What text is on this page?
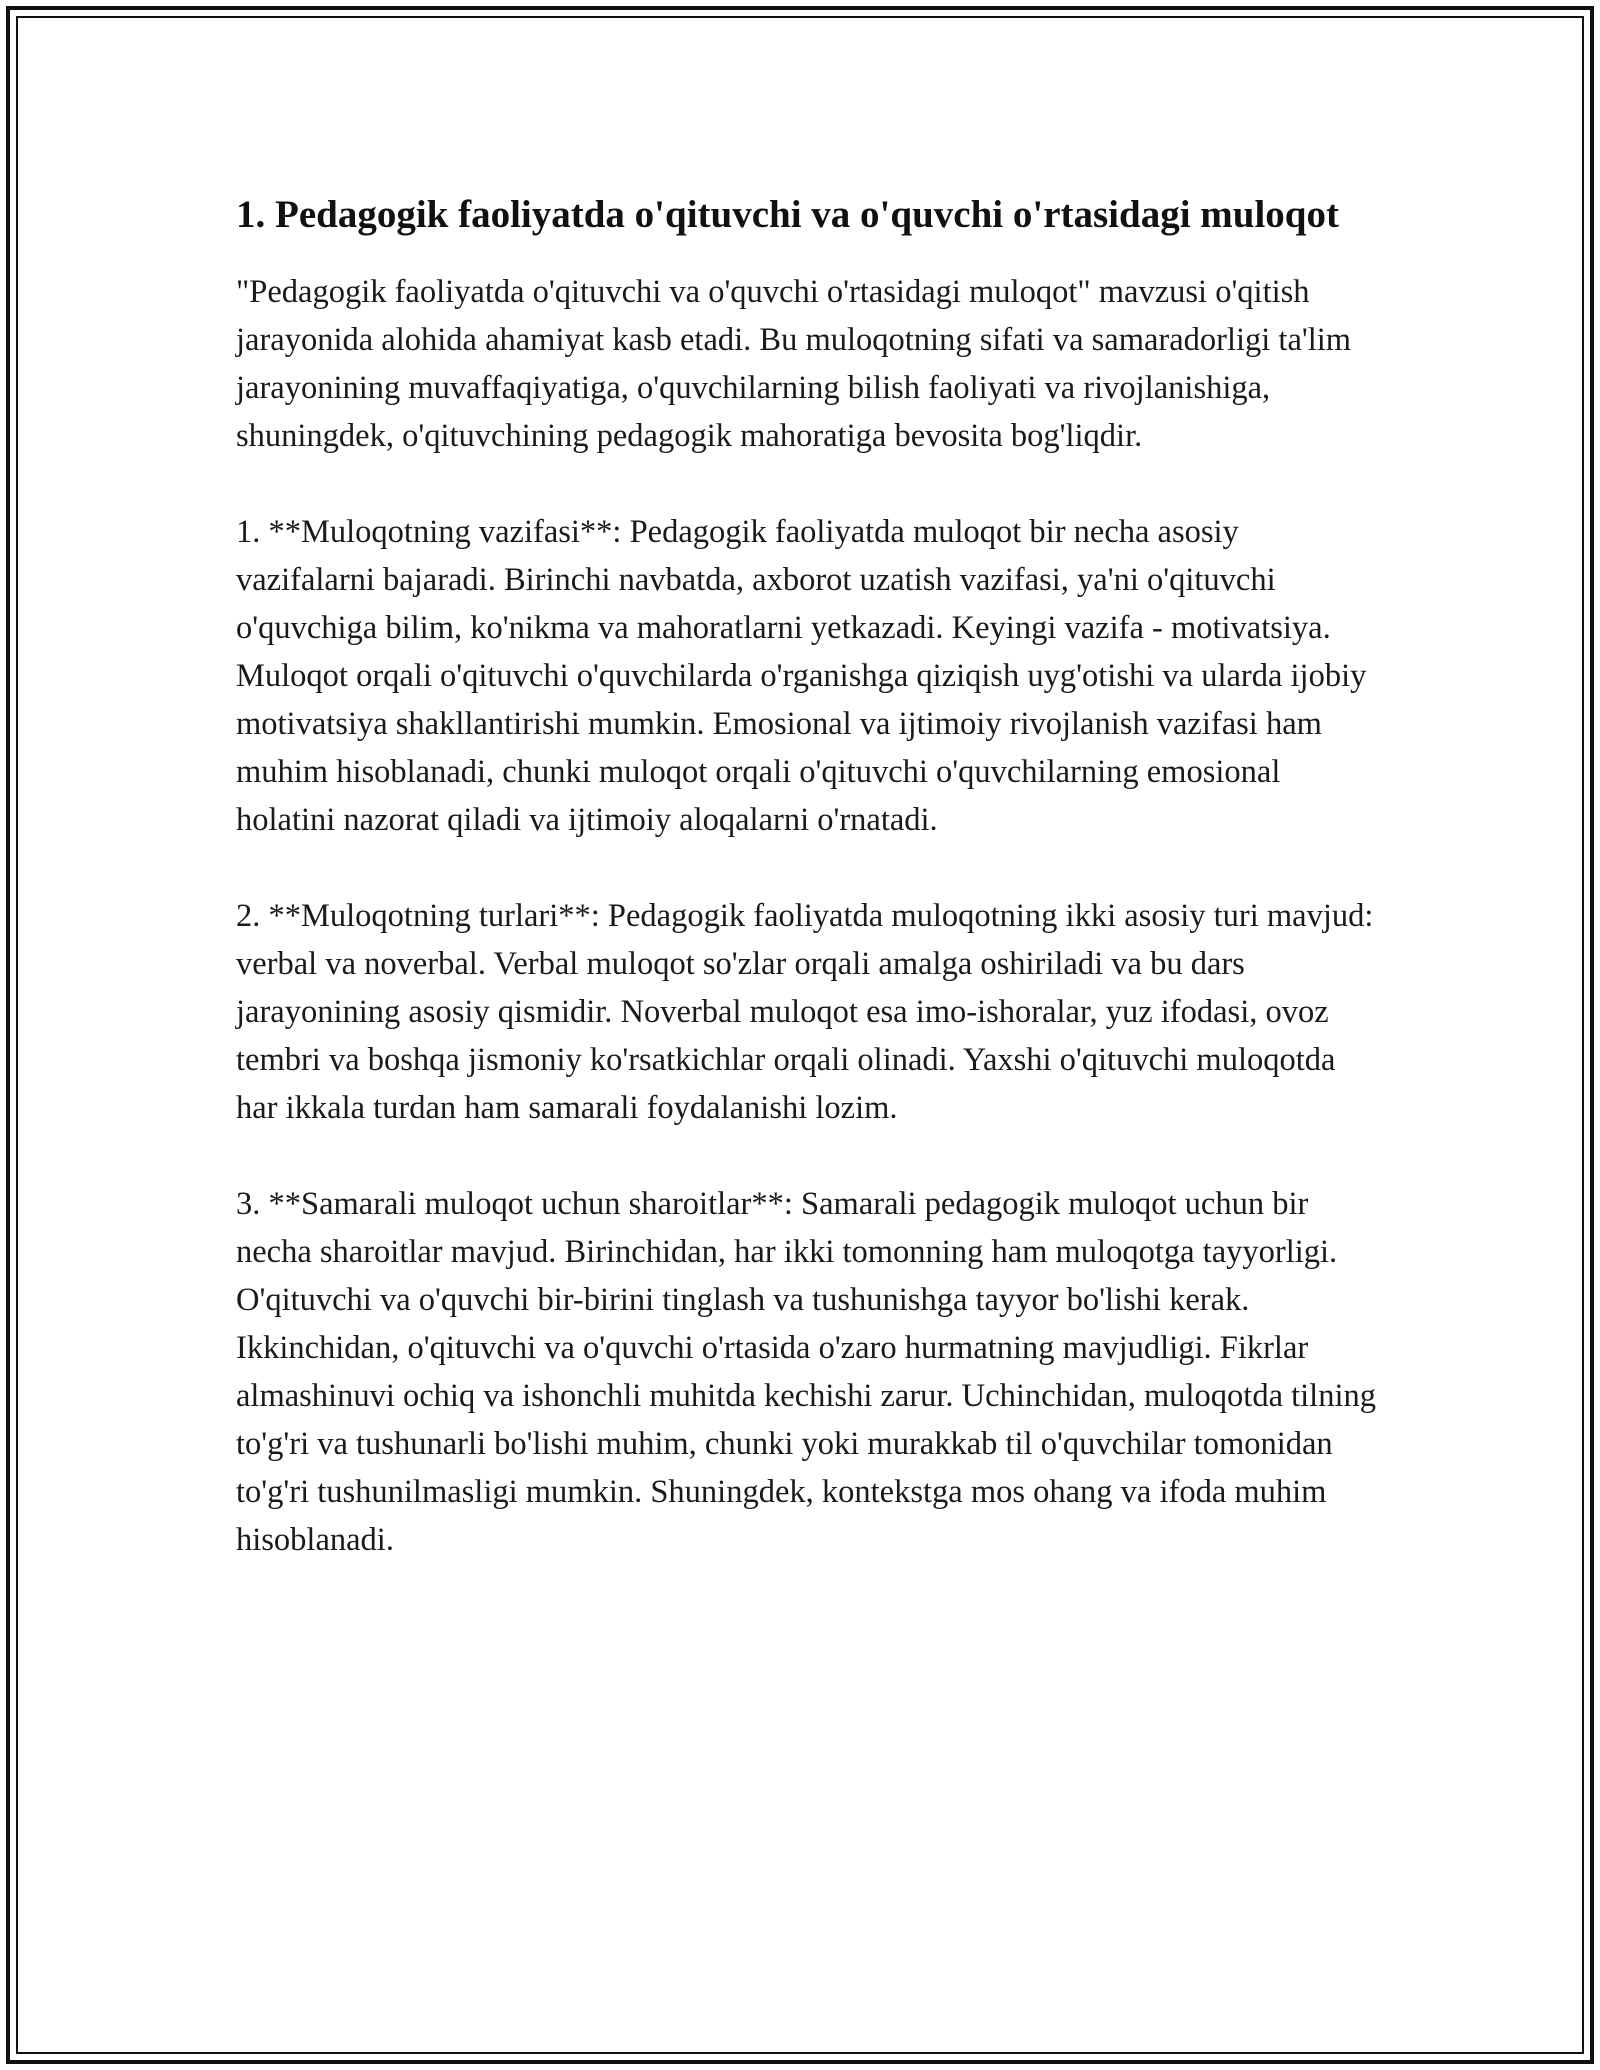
1. Pedagogik faoliyatda o'qituvchi va o'quvchi o'rtasidagi muloqot

"Pedagogik faoliyatda o'qituvchi va o'quvchi o'rtasidagi muloqot" mavzusi o'qitish jarayonida alohida ahamiyat kasb etadi. Bu muloqotning sifati va samaradorligi ta'lim jarayonining muvaffaqiyatiga, o'quvchilarning bilish faoliyati va rivojlanishiga, shuningdek, o'qituvchining pedagogik mahoratiga bevosita bog'liqdir.

1. **Muloqotning vazifasi**: Pedagogik faoliyatda muloqot bir necha asosiy vazifalarni bajaradi. Birinchi navbatda, axborot uzatish vazifasi, ya'ni o'qituvchi o'quvchiga bilim, ko'nikma va mahoratlarni yetkazadi. Keyingi vazifa - motivatsiya. Muloqot orqali o'qituvchi o'quvchilarda o'rganishga qiziqish uyg'otishi va ularda ijobiy motivatsiya shakllantirishi mumkin. Emosional va ijtimoiy rivojlanish vazifasi ham muhim hisoblanadi, chunki muloqot orqali o'qituvchi o'quvchilarning emosional holatini nazorat qiladi va ijtimoiy aloqalarni o'rnatadi.

2. **Muloqotning turlari**: Pedagogik faoliyatda muloqotning ikki asosiy turi mavjud: verbal va noverbal. Verbal muloqot so'zlar orqali amalga oshiriladi va bu dars jarayonining asosiy qismidir. Noverbal muloqot esa imo-ishoralar, yuz ifodasi, ovoz tembri va boshqa jismoniy ko'rsatkichlar orqali olinadi. Yaxshi o'qituvchi muloqotda har ikkala turdan ham samarali foydalanishi lozim.

3. **Samarali muloqot uchun sharoitlar**: Samarali pedagogik muloqot uchun bir necha sharoitlar mavjud. Birinchidan, har ikki tomonning ham muloqotga tayyorligi. O'qituvchi va o'quvchi bir-birini tinglash va tushunishga tayyor bo'lishi kerak. Ikkinchidan, o'qituvchi va o'quvchi o'rtasida o'zaro hurmatning mavjudligi. Fikrlar almashinuvi ochiq va ishonchli muhitda kechishi zarur. Uchinchidan, muloqotda tilning to'g'ri va tushunarli bo'lishi muhim, chunki yoki murakkab til o'quvchilar tomonidan to'g'ri tushunilmasligi mumkin. Shuningdek, kontekstga mos ohang va ifoda muhim hisoblanadi.
